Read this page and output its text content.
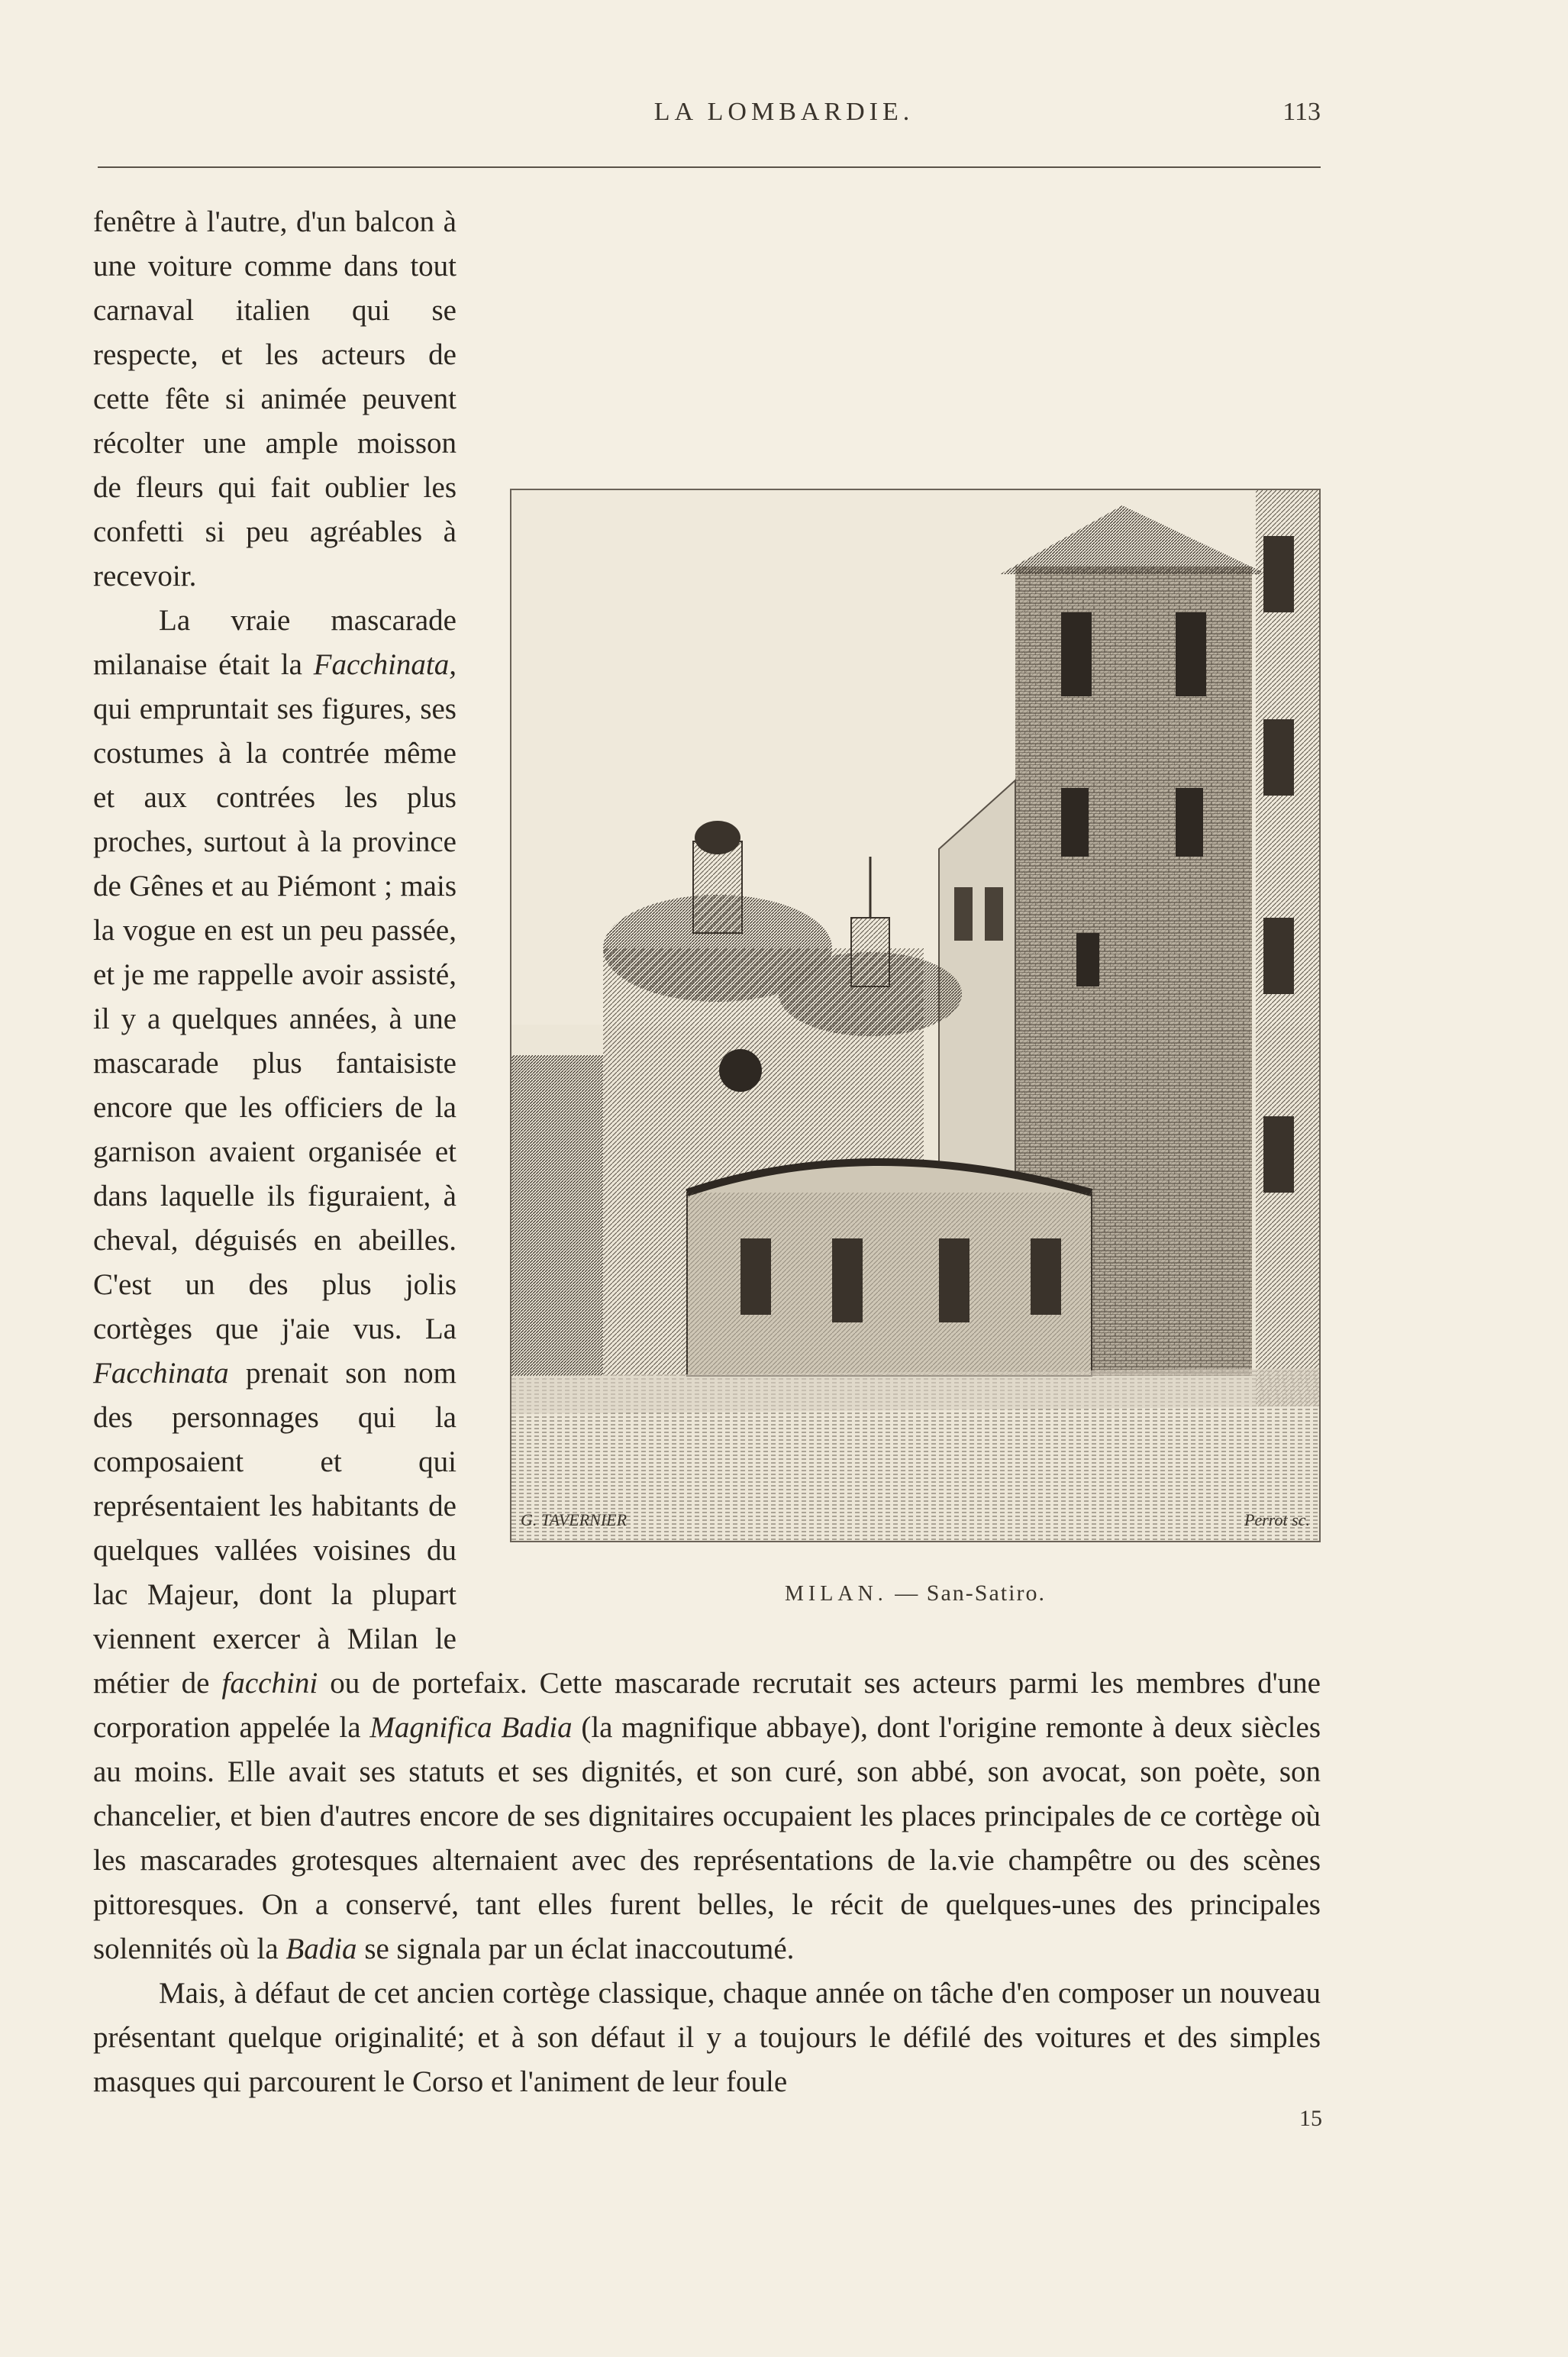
LA LOMBARDIE.	113

fenêtre à l'autre, d'un balcon à une voiture comme dans tout carnaval italien qui se respecte, et les acteurs de cette fête si animée peuvent récolter une ample moisson de fleurs qui fait oublier les confetti si peu agréables à recevoir.

La vraie mascarade milanaise était la Facchinata, qui empruntait ses figures, ses costumes à la contrée même et aux contrées les plus proches, surtout à la province de Gênes et au Piémont ; mais la vogue en est un peu passée, et je me rappelle avoir assisté, il y a quelques années, à une mascarade plus fantaisiste encore que les officiers de la garnison avaient organisée et dans laquelle ils figuraient, à cheval, déguisés en abeilles. C'est un des plus jolis cortèges que j'aie vus. La Facchinata prenait son nom des personnages qui la composaient et qui représentaient les habitants de quelques vallées voisines du lac Majeur, dont la plupart viennent exercer à Milan le métier de facchini ou de portefaix. Cette mascarade recrutait ses acteurs parmi les membres d'une corporation appelée la Magnifica Badia (la magnifique abbaye), dont l'origine remonte à deux siècles au moins. Elle avait ses statuts et ses dignités, et son curé, son abbé, son avocat, son poète, son chancelier, et bien d'autres encore de ses dignitaires occupaient les places principales de ce cortège où les mascarades grotesques alternaient avec des représentations de la.vie champêtre ou des scènes pittoresques. On a conservé, tant elles furent belles, le récit de quelques-unes des principales solennités où la Badia se signala par un éclat inaccoutumé.

Mais, à défaut de cet ancien cortège classique, chaque année on tâche d'en composer un nouveau présentant quelque originalité; et à son défaut il y a toujours le défilé des voitures et des simples masques qui parcourent le Corso et l'animent de leur foule

G. TAVERNIER	Perrot sc.
MILAN. — San-Satiro.
15
